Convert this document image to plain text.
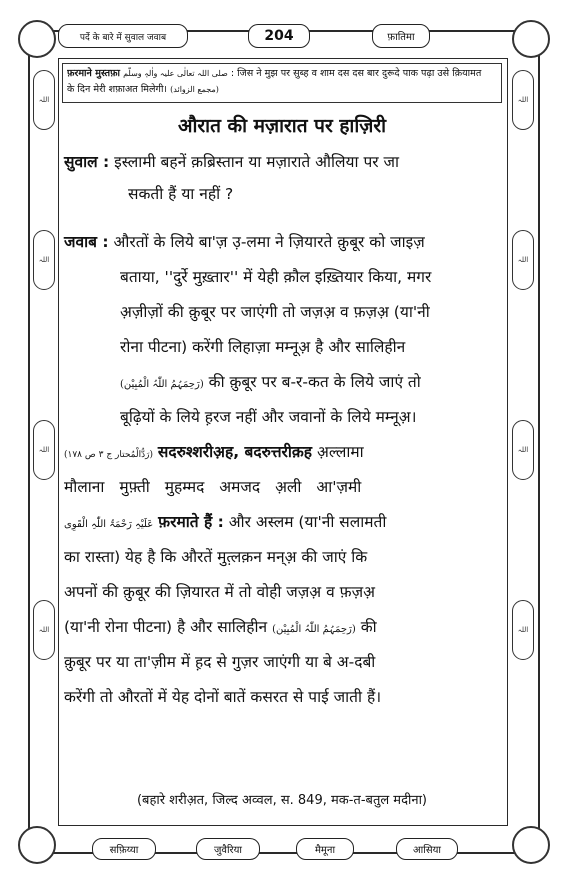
اللہ
اللہ
اللہ
اللہ
اللہ
اللہ
اللہ
اللہ
पर्दे के बारे में सुवाल जवाब	204	फ़ातिमा
फ़रमाने मुस्तफ़ा صلی اللہ تعالٰی علیہ واٰلہٖ وسلّم : जिस ने मुझ पर सुब्ह व शाम दस दस बार दुरूदे पाक पढ़ा उसे क़ियामत
के दिन मेरी शफ़ाअत मिलेगी। (مجمع الزوائد)
औरात की मज़ारात पर हाज़िरी
सुवाल : इस्लामी बहनें क़ब्रिस्तान या मज़ाराते औलिया पर जा
सकती हैं या नहीं ?
जवाब : औरतों के लिये बा'ज़ उ़-लमा ने ज़ियारते क़ुबूर को जाइज़
बताया, ''दुर्रे मुख़्तार'' में येही क़ौल इख़्तियार किया, मगर
अ़ज़ीज़ों की क़ुबूर पर जाएंगी तो जज़अ़ व फ़ज़अ़ (या'नी
रोना पीटना) करेंगी लिहाज़ा मम्नूअ़ है और सालिहीन
(رَحِمَہُمُ اللّٰہُ الْمُبِیْن) की क़ुबूर पर ब-र-कत के लिये जाएं तो
बूढ़ियों के लिये ह़रज नहीं और जवानों के लिये मम्नूअ़।
(رَدُّالْمُحتار ج ٣ ص ١٧٨) सदरुश्शरीअ़ह, बदरुत्तरीक़ह अ़ल्लामा
मौलाना मुफ़्ती मुहम्मद अमजद अ़ली आ'ज़मी
عَلَیْہِ رَحْمَۃُ اللّٰہِ الْقَوِی फ़रमाते हैं : और अस्लम (या'नी सलामती
का रास्ता) येह है कि औरतें मुत़्लक़न मन्अ़ की जाएं कि
अपनों की क़ुबूर की ज़ियारत में तो वोही जज़अ़ व फ़ज़अ़
(या'नी रोना पीटना) है और सालिहीन (رَحِمَہُمُ اللّٰہُ الْمُبِیْن) की
क़ुबूर पर या ता'ज़ीम में ह़द से गुज़र जाएंगी या बे अ-दबी
करेंगी तो औरतों में येह दोनों बातें कसरत से पाई जाती हैं।
(बहारे शरीअ़त, जिल्द अव्वल, स. 849, मक-त-बतुल मदीना)
सफ़िय्या	जुवैरिया	मैमूना	आसिया
